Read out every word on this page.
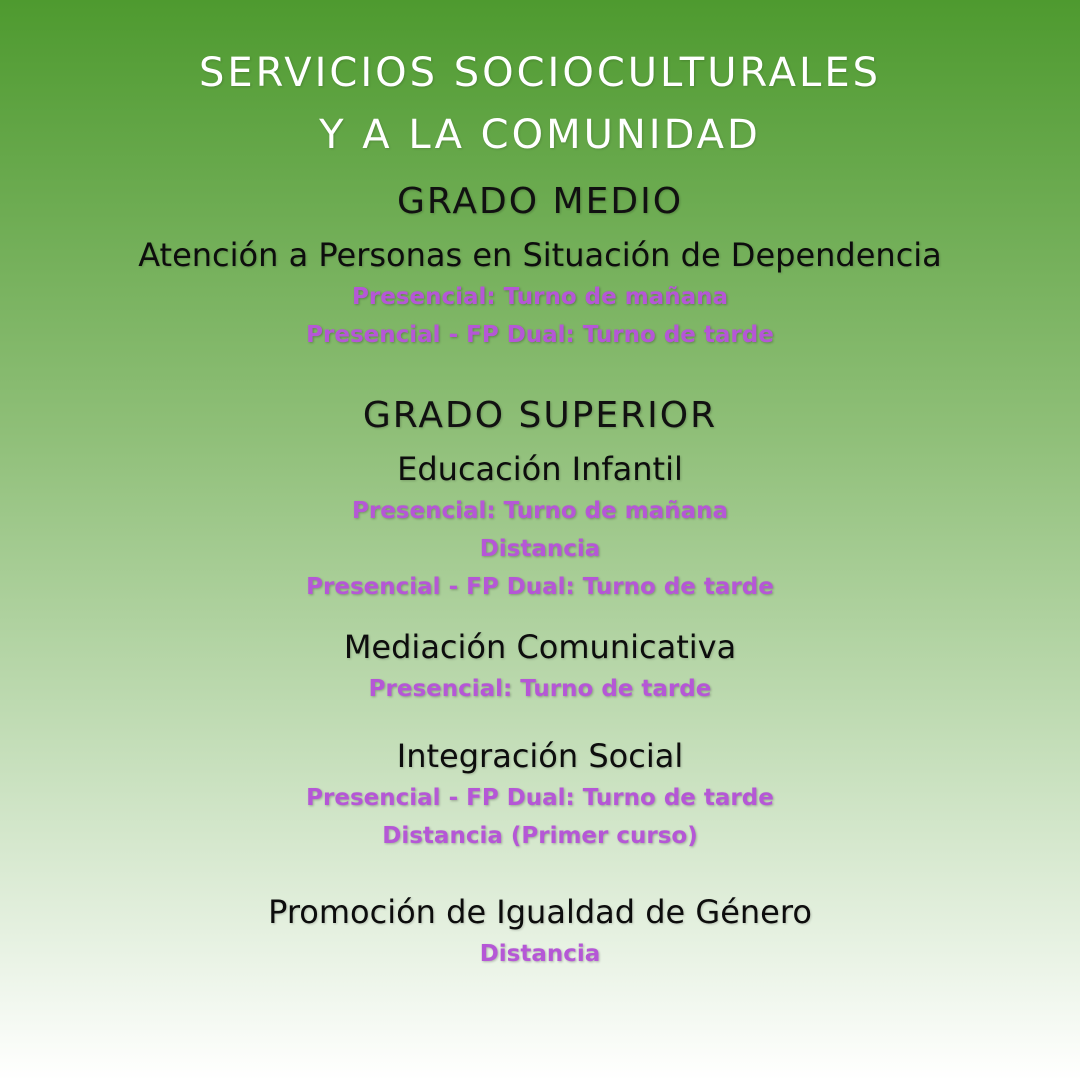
SERVICIOS SOCIOCULTURALES
Y A LA COMUNIDAD
GRADO MEDIO
Atención a Personas en Situación de Dependencia
Presencial: Turno de mañana
Presencial - FP Dual: Turno de tarde
GRADO SUPERIOR
Educación Infantil
Presencial: Turno de mañana
Distancia
Presencial - FP Dual: Turno de tarde
Mediación Comunicativa
Presencial: Turno de tarde
Integración Social
Presencial - FP Dual: Turno de tarde
Distancia (Primer curso)
Promoción de Igualdad de Género
Distancia
